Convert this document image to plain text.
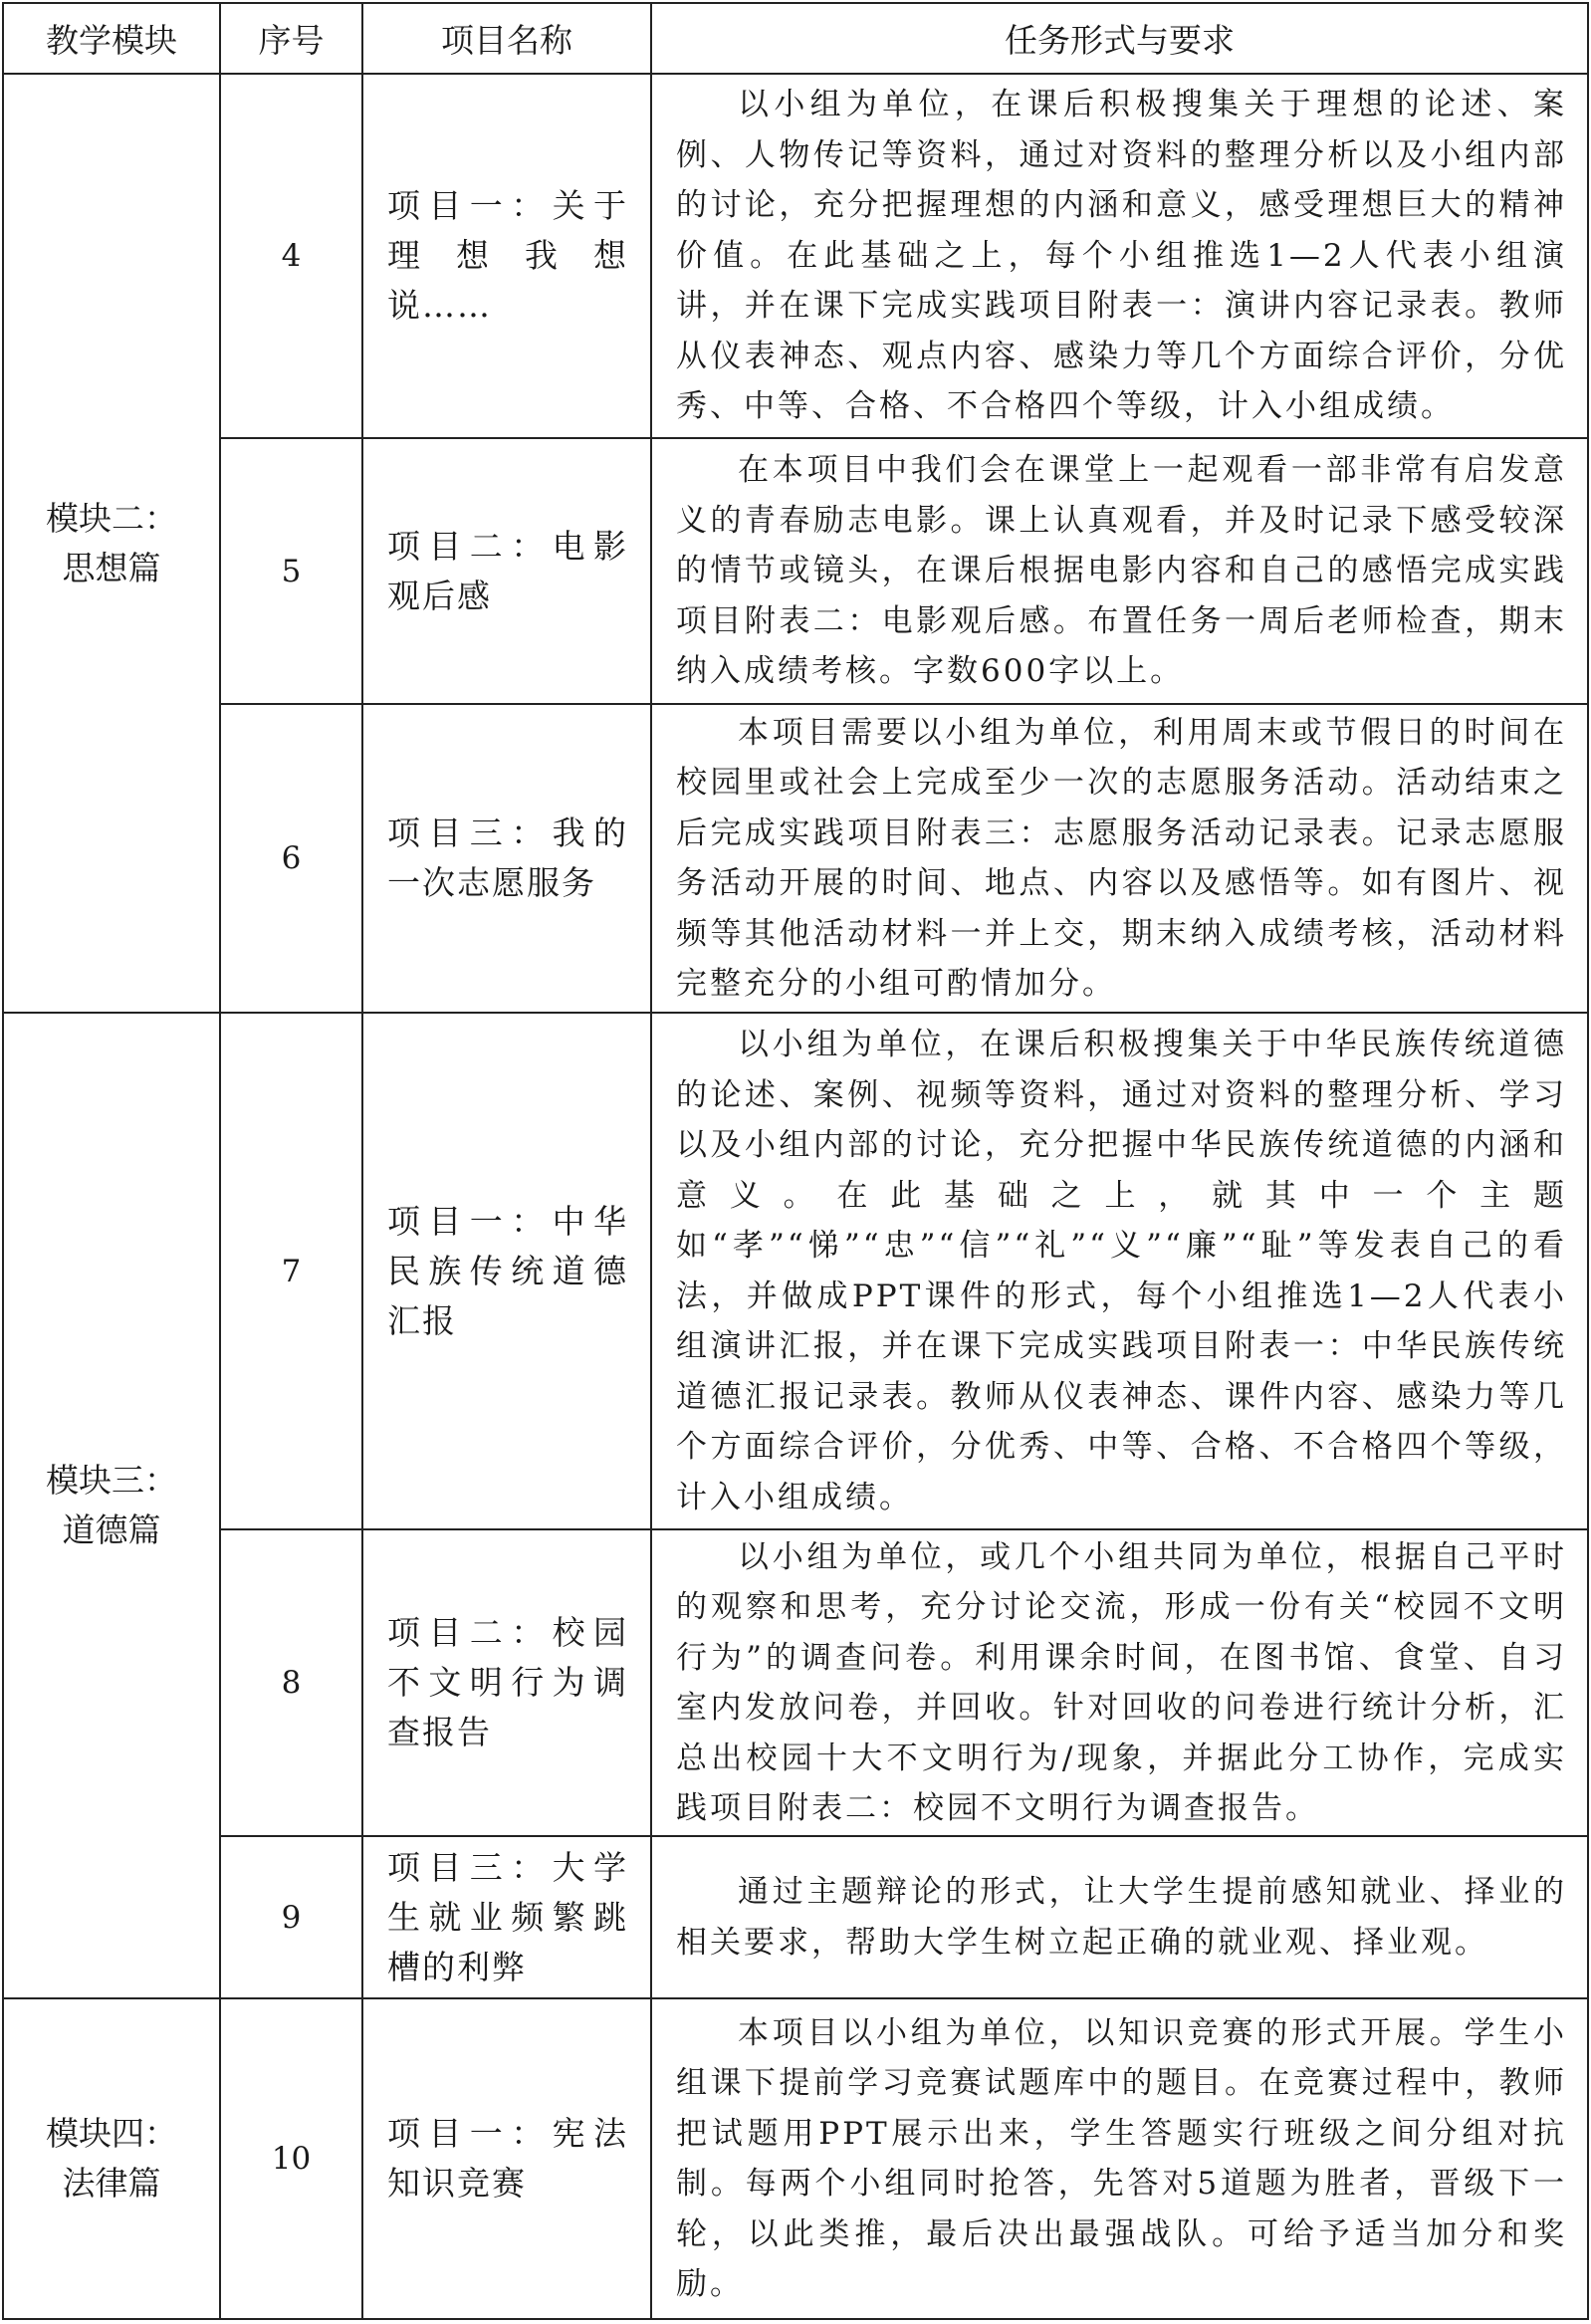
教学模块	序号	项目名称	任务形式与要求

模块二：
思想篇	4	项目一：关于理想我想说……	以小组为单位，在课后积极搜集关于理想的论述、案例、人物传记等资料，通过对资料的整理分析以及小组内部的讨论，充分把握理想的内涵和意义，感受理想巨大的精神价值。在此基础之上，每个小组推选1—2人代表小组演讲，并在课下完成实践项目附表一：演讲内容记录表。教师从仪表神态、观点内容、感染力等几个方面综合评价，分优秀、中等、合格、不合格四个等级，计入小组成绩。

	5	项目二：电影观后感	在本项目中我们会在课堂上一起观看一部非常有启发意义的青春励志电影。课上认真观看，并及时记录下感受较深的情节或镜头，在课后根据电影内容和自己的感悟完成实践项目附表二：电影观后感。布置任务一周后老师检查，期末纳入成绩考核。字数600字以上。

	6	项目三：我的一次志愿服务	本项目需要以小组为单位，利用周末或节假日的时间在校园里或社会上完成至少一次的志愿服务活动。活动结束之后完成实践项目附表三：志愿服务活动记录表。记录志愿服务活动开展的时间、地点、内容以及感悟等。如有图片、视频等其他活动材料一并上交，期末纳入成绩考核，活动材料完整充分的小组可酌情加分。

模块三：
道德篇	7	项目一：中华民族传统道德汇报	以小组为单位，在课后积极搜集关于中华民族传统道德的论述、案例、视频等资料，通过对资料的整理分析、学习以及小组内部的讨论，充分把握中华民族传统道德的内涵和意义。在此基础之上，就其中一个主题如“孝”“悌”“忠”“信”“礼”“义”“廉”“耻”等发表自己的看法，并做成PPT课件的形式，每个小组推选1—2人代表小组演讲汇报，并在课下完成实践项目附表一：中华民族传统道德汇报记录表。教师从仪表神态、课件内容、感染力等几个方面综合评价，分优秀、中等、合格、不合格四个等级，计入小组成绩。

	8	项目二：校园不文明行为调查报告	以小组为单位，或几个小组共同为单位，根据自己平时的观察和思考，充分讨论交流，形成一份有关“校园不文明行为”的调查问卷。利用课余时间，在图书馆、食堂、自习室内发放问卷，并回收。针对回收的问卷进行统计分析，汇总出校园十大不文明行为/现象，并据此分工协作，完成实践项目附表二：校园不文明行为调查报告。

	9	项目三：大学生就业频繁跳槽的利弊	通过主题辩论的形式，让大学生提前感知就业、择业的相关要求，帮助大学生树立起正确的就业观、择业观。

模块四：
法律篇	10	项目一：宪法知识竞赛	本项目以小组为单位，以知识竞赛的形式开展。学生小组课下提前学习竞赛试题库中的题目。在竞赛过程中，教师把试题用PPT展示出来，学生答题实行班级之间分组对抗制。每两个小组同时抢答，先答对5道题为胜者，晋级下一轮，以此类推，最后决出最强战队。可给予适当加分和奖励。
